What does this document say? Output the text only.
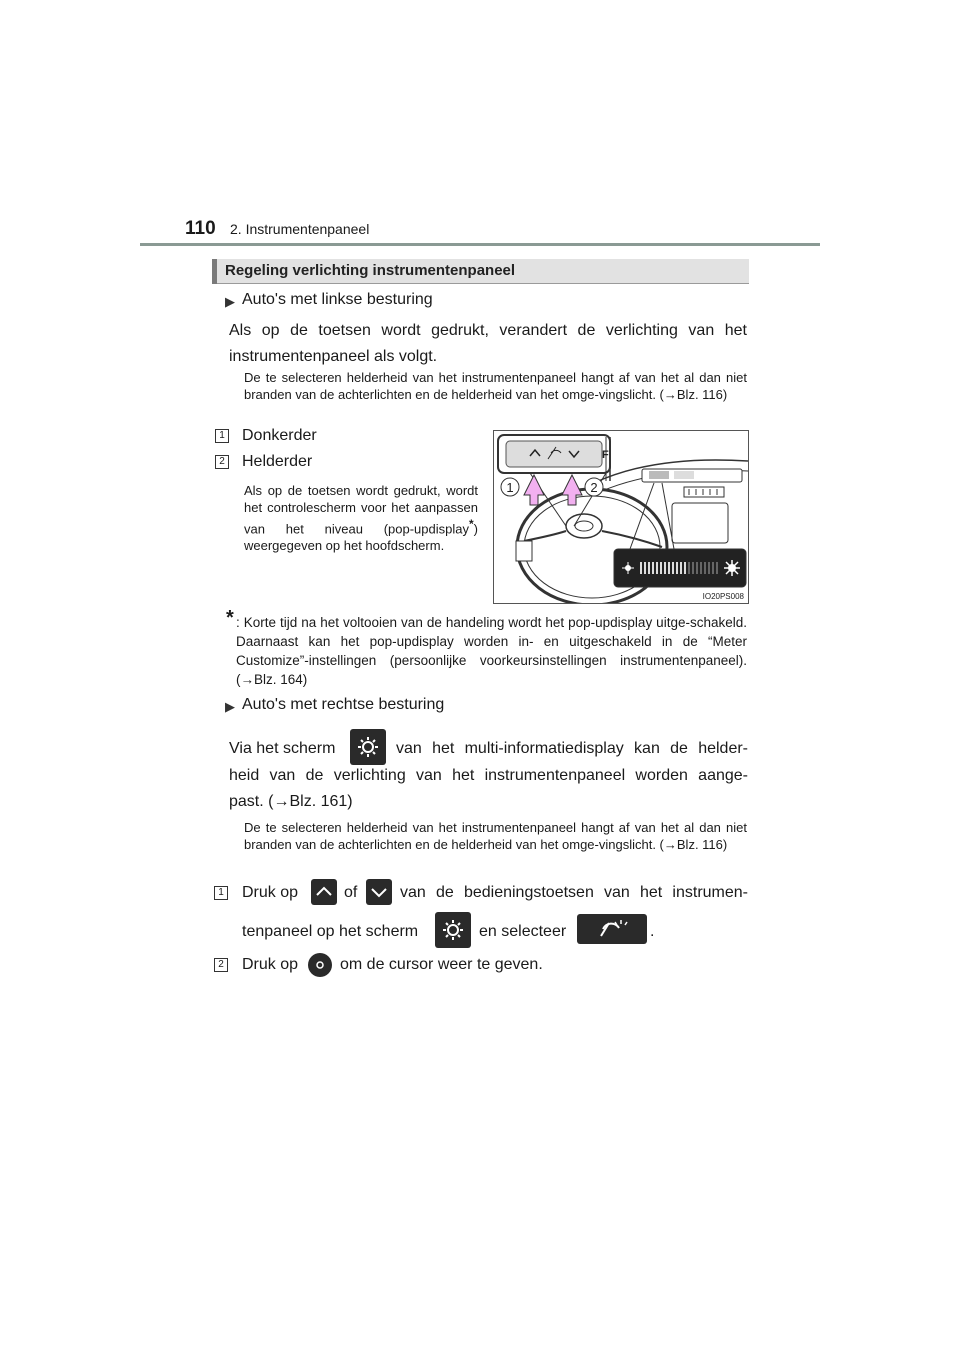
110 2. Instrumentenpaneel
Regeling verlichting instrumentenpaneel
▶ Auto's met linkse besturing
Als op de toetsen wordt gedrukt, verandert de verlichting van het instrumentenpaneel als volgt.
De te selecteren helderheid van het instrumentenpaneel hangt af van het al dan niet branden van de achterlichten en de helderheid van het omge-vingslicht. (→Blz. 116)
1 Donkerder
2 Helderder
Als op de toetsen wordt gedrukt, wordt het controlescherm voor het aanpassen van het niveau (pop-updisplay*) weergegeven op het hoofdscherm.
F
1	2
IO20PS008
* : Korte tijd na het voltooien van de handeling wordt het pop-updisplay uitge-schakeld. Daarnaast kan het pop-updisplay worden in- en uitgeschakeld in de “Meter Customize”-instellingen (persoonlijke voorkeursinstellingen instrumentenpaneel). (→Blz. 164)
▶ Auto's met rechtse besturing
Via het scherm	van het multi-informatiedisplay kan de helder-
heid van de verlichting van het instrumentenpaneel worden aange-
past. (→Blz. 161)
De te selecteren helderheid van het instrumentenpaneel hangt af van het al dan niet branden van de achterlichten en de helderheid van het omge-vingslicht. (→Blz. 116)
1 Druk op	of	van de bedieningstoetsen van het instrumen-
tenpaneel op het scherm	en selecteer	.
2 Druk op	om de cursor weer te geven.
